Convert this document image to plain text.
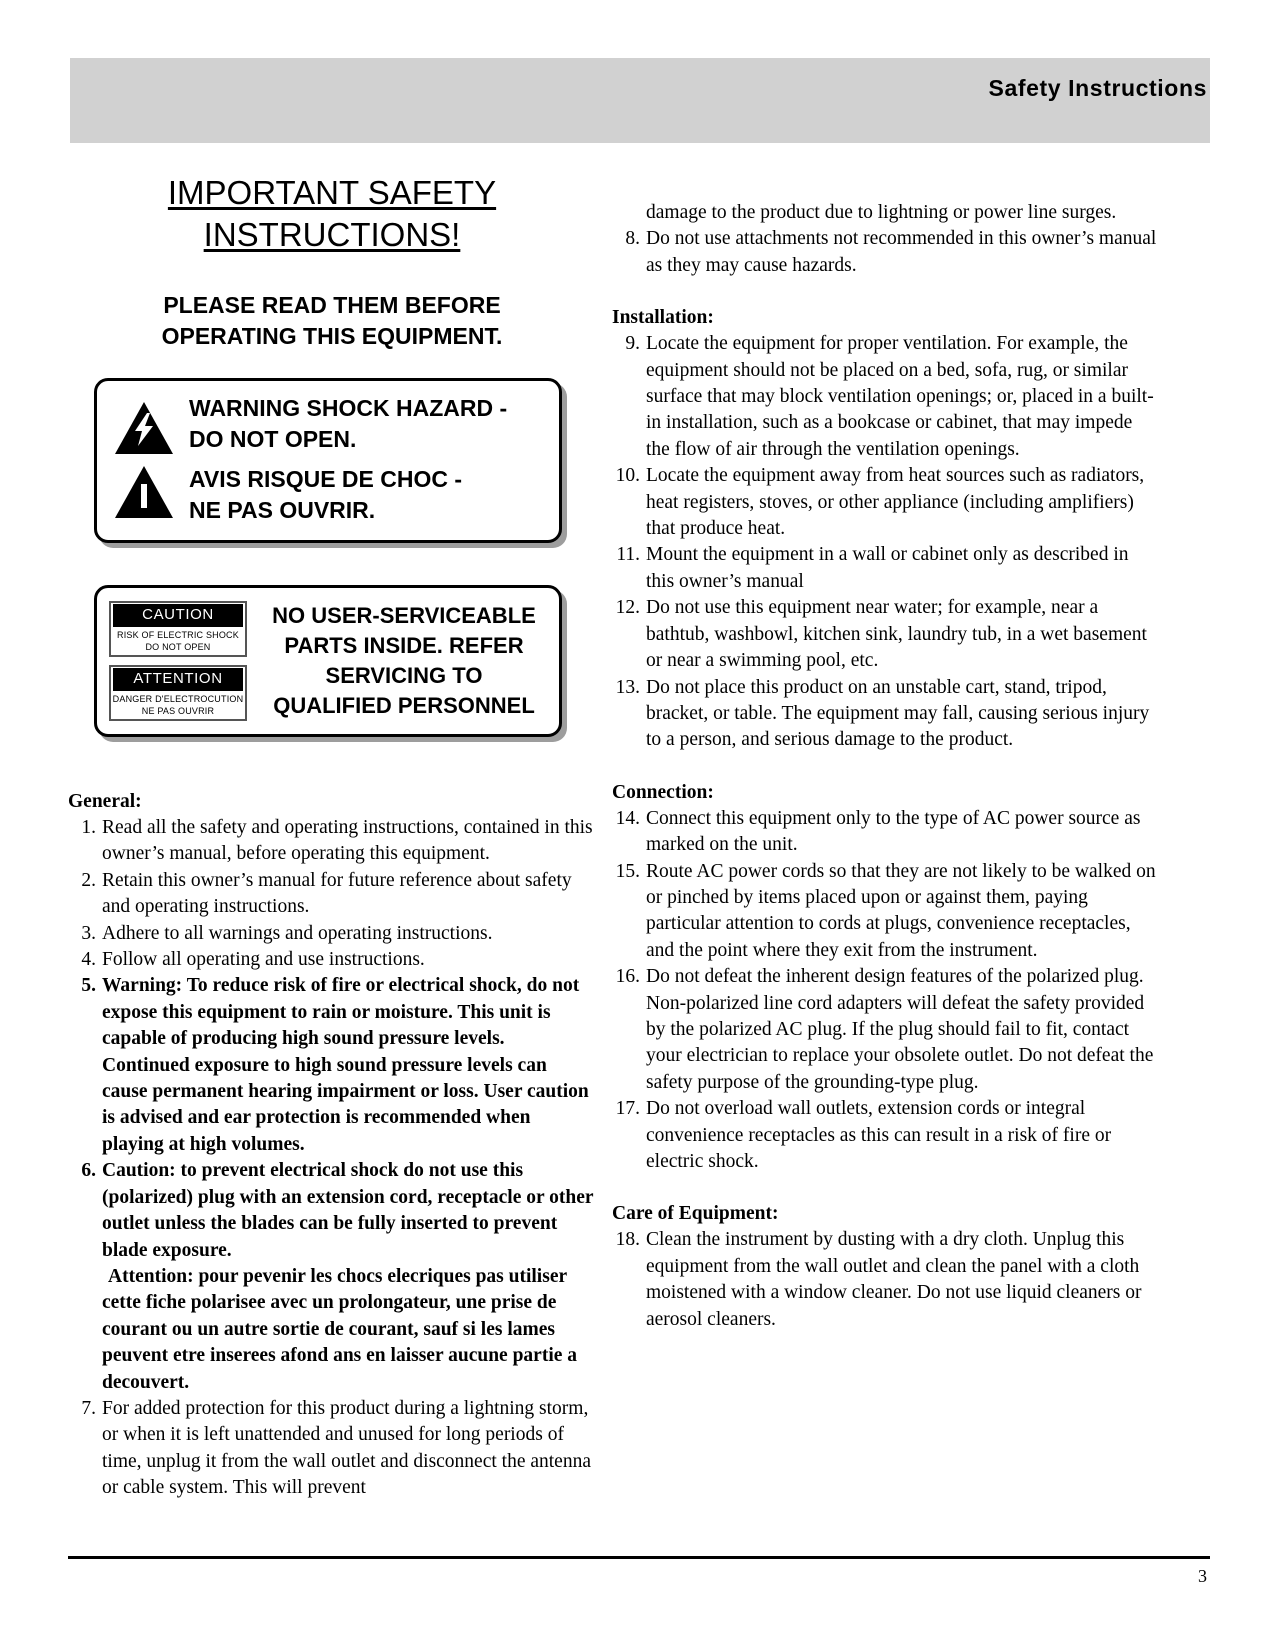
Safety Instructions
IMPORTANT SAFETY
INSTRUCTIONS!
PLEASE READ THEM BEFORE
OPERATING THIS EQUIPMENT.
WARNING SHOCK HAZARD -
DO NOT OPEN.
AVIS RISQUE DE CHOC -
NE PAS OUVRIR.
CAUTION
RISK OF ELECTRIC SHOCK
DO NOT OPEN
ATTENTION
DANGER D'ELECTROCUTION
NE PAS OUVRIR
NO USER-SERVICEABLE
PARTS INSIDE. REFER
SERVICING TO
QUALIFIED PERSONNEL
General:
1. Read all the safety and operating instructions, contained in this owner’s manual, before operating this equipment.
2. Retain this owner’s manual for future reference about safety and operating instructions.
3. Adhere to all warnings and operating instructions.
4. Follow all operating and use instructions.
5. Warning: To reduce risk of fire or electrical shock, do not expose this equipment to rain or moisture. This unit is capable of producing high sound pressure levels. Continued exposure to high sound pressure levels can cause permanent hearing impairment or loss. User caution is advised and ear protection is recommended when playing at high volumes.
6. Caution: to prevent electrical shock do not use this (polarized) plug with an extension cord, receptacle or other outlet unless the blades can be fully inserted to prevent blade exposure.
Attention: pour pevenir les chocs elecriques pas utiliser cette fiche polarisee avec un prolongateur, une prise de courant ou un autre sortie de courant, sauf si les lames peuvent etre inserees afond ans en laisser aucune partie a decouvert.
7. For added protection for this product during a lightning storm, or when it is left unattended and unused for long periods of time, unplug it from the wall outlet and disconnect the antenna or cable system. This will prevent
damage to the product due to lightning or power line surges.
8. Do not use attachments not recommended in this owner’s manual as they may cause hazards.
Installation:
9. Locate the equipment for proper ventilation. For example, the equipment should not be placed on a bed, sofa, rug, or similar surface that may block ventilation openings; or, placed in a built-in installation, such as a bookcase or cabinet, that may impede the flow of air through the ventilation openings.
10. Locate the equipment away from heat sources such as radiators, heat registers, stoves, or other appliance (including amplifiers) that produce heat.
11. Mount the equipment in a wall or cabinet only as described in this owner’s manual
12. Do not use this equipment near water; for example, near a bathtub, washbowl, kitchen sink, laundry tub, in a wet basement or near a swimming pool, etc.
13. Do not place this product on an unstable cart, stand, tripod, bracket, or table. The equipment may fall, causing serious injury to a person, and serious damage to the product.
Connection:
14. Connect this equipment only to the type of AC power source as marked on the unit.
15. Route AC power cords so that they are not likely to be walked on or pinched by items placed upon or against them, paying particular attention to cords at plugs, convenience receptacles, and the point where they exit from the instrument.
16. Do not defeat the inherent design features of the polarized plug. Non-polarized line cord adapters will defeat the safety provided by the polarized AC plug. If the plug should fail to fit, contact your electrician to replace your obsolete outlet. Do not defeat the safety purpose of the grounding-type plug.
17. Do not overload wall outlets, extension cords or integral convenience receptacles as this can result in a risk of fire or electric shock.
Care of Equipment:
18. Clean the instrument by dusting with a dry cloth. Unplug this equipment from the wall outlet and clean the panel with a cloth moistened with a window cleaner. Do not use liquid cleaners or aerosol cleaners.
3
